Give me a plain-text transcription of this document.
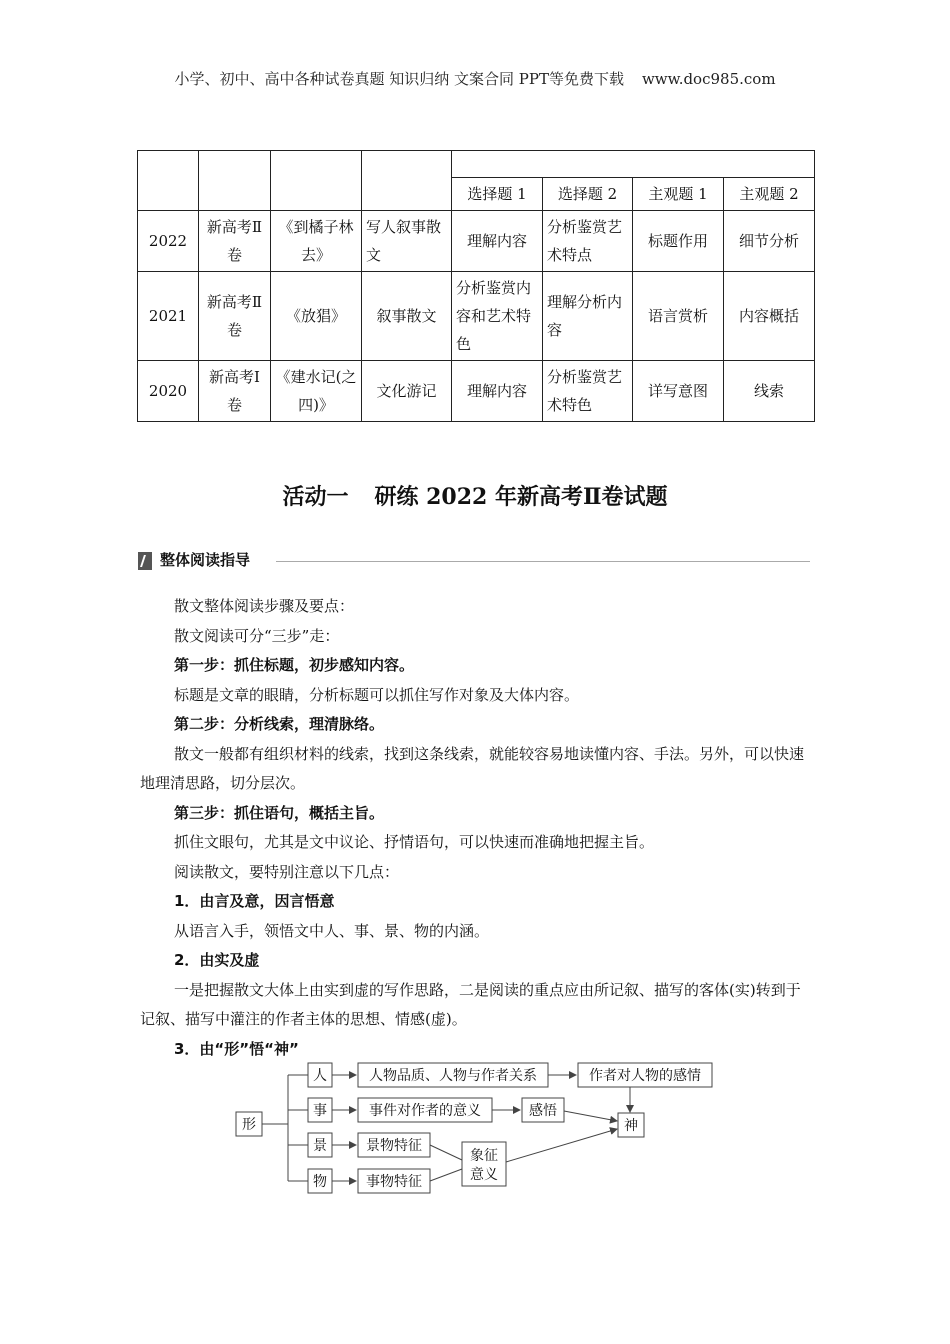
小学、初中、高中各种试卷真题 知识归纳 文案合同 PPT等免费下载 www.doc985.com

				选择题 1	选择题 2	主观题 1	主观题 2
2022	新高考Ⅱ卷	《到橘子林去》	写人叙事散文	理解内容	分析鉴赏艺术特点	标题作用	细节分析
2021	新高考Ⅱ卷	《放猖》	叙事散文	分析鉴赏内容和艺术特色	理解分析内容	语言赏析	内容概括
2020	新高考Ⅰ卷	《建水记(之四)》	文化游记	理解内容	分析鉴赏艺术特色	详写意图	线索
活动一 研练 2022 年新高考Ⅱ卷试题
整体阅读指导

散文整体阅读步骤及要点：

散文阅读可分“三步”走：

第一步：抓住标题，初步感知内容。

标题是文章的眼睛，分析标题可以抓住写作对象及大体内容。

第二步：分析线索，理清脉络。

散文一般都有组织材料的线索，找到这条线索，就能较容易地读懂内容、手法。另外，可以快速地理清思路，切分层次。

第三步：抓住语句，概括主旨。

抓住文眼句，尤其是文中议论、抒情语句，可以快速而准确地把握主旨。

阅读散文，要特别注意以下几点：

1．由言及意，因言悟意

从语言入手，领悟文中人、事、景、物的内涵。

2．由实及虚

一是把握散文大体上由实到虚的写作思路，二是阅读的重点应由所记叙、描写的客体(实)转到于记叙、描写中灌注的作者主体的思想、情感(虚)。

3．由“形”悟“神”

形
人
事
景
物
人物品质、人物与作者关系	作者对人物的感情
事件对作者的意义	感悟
神
景物特征
事物特征
象征
意义
